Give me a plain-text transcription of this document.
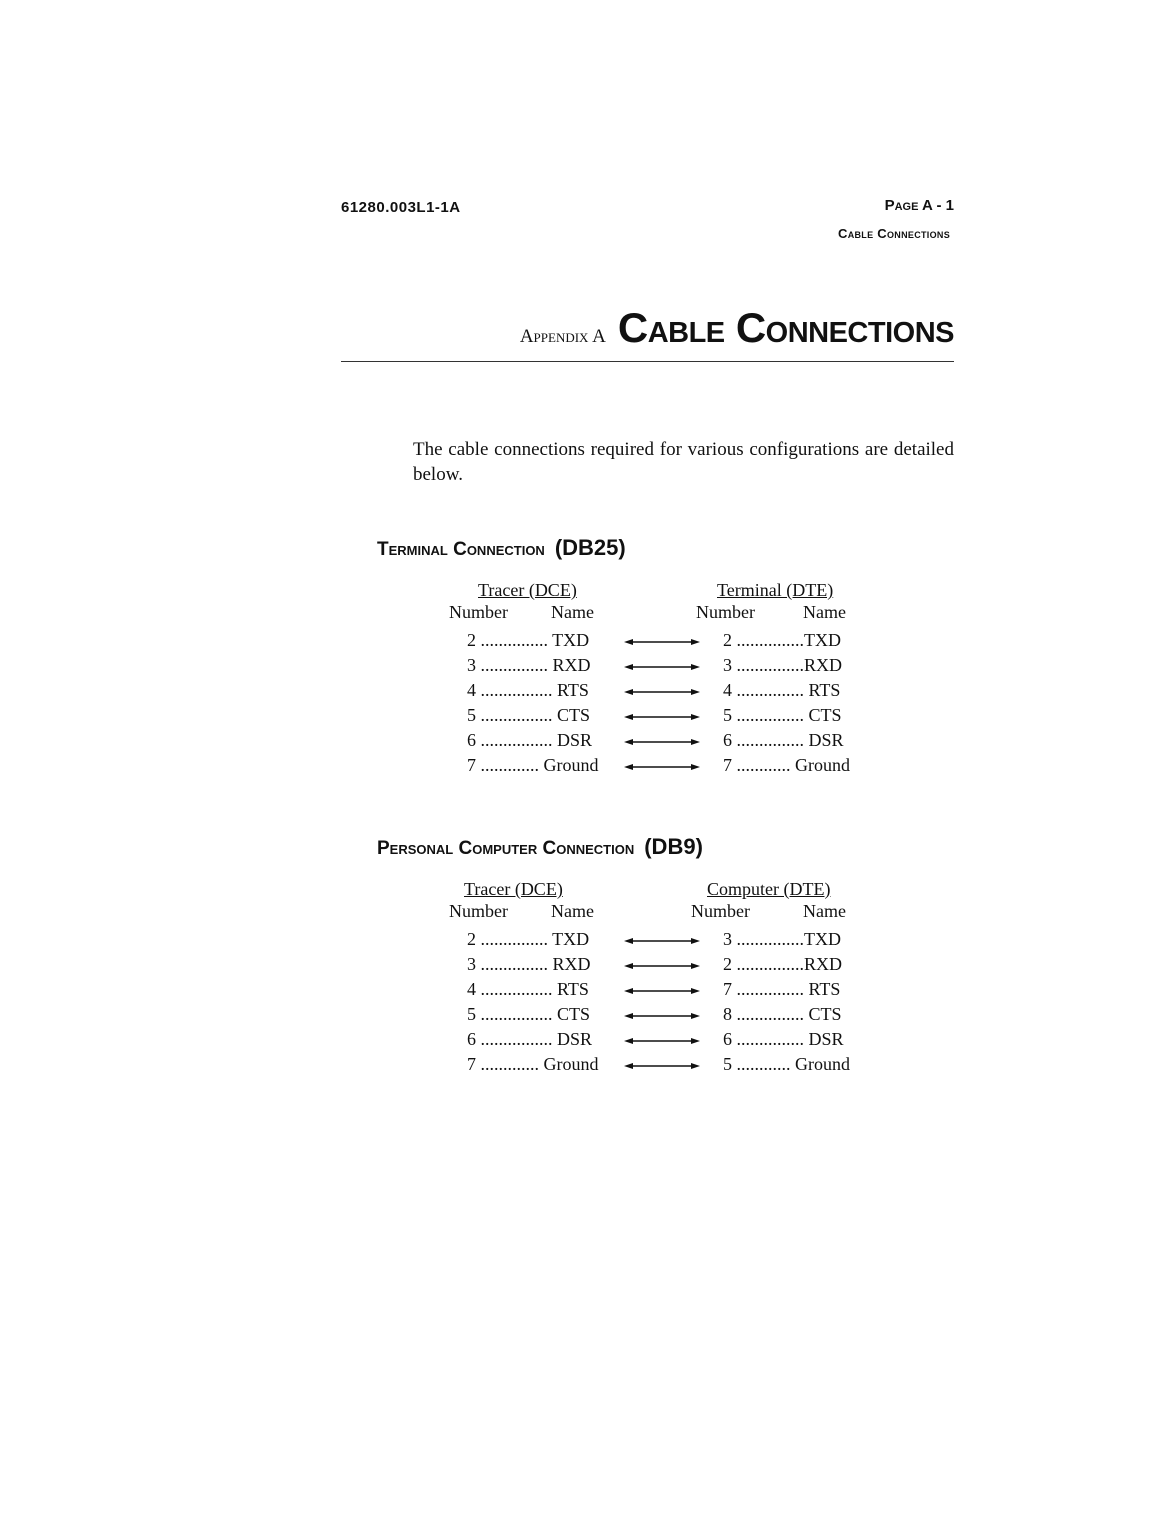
61280.003L1-1A	Page A - 1
Cable Connections
Appendix A Cable Connections
The cable connections required for various configurations are detailed below.
Terminal Connection (DB25)
Tracer (DCE)	Terminal (DTE)
Number Name	Number	Name
2 ............... TXD	2 ...............TXD
3 ............... RXD	3 ...............RXD
4 ................ RTS	4 ............... RTS
5 ................ CTS	5 ............... CTS
6 ................ DSR	6 ............... DSR
7 ............. Ground	7 ............ Ground
Personal Computer Connection (DB9)
Tracer (DCE)	Computer (DTE)
Number Name	Number	Name
2 ............... TXD	3 ...............TXD
3 ............... RXD	2 ...............RXD
4 ................ RTS	7 ............... RTS
5 ................ CTS	8 ............... CTS
6 ................ DSR	6 ............... DSR
7 ............. Ground	5 ............ Ground
